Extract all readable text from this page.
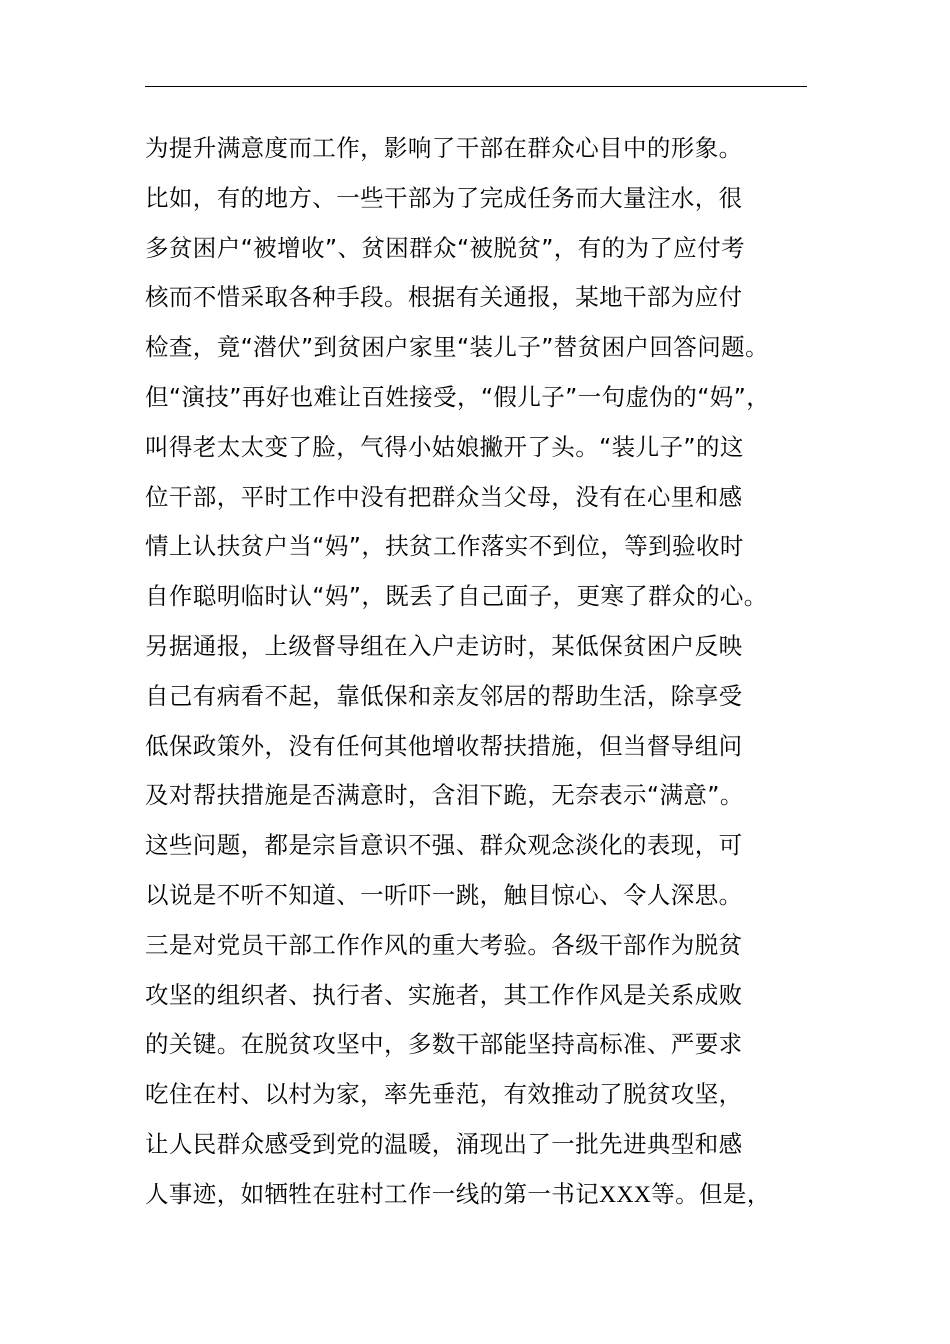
为提升满意度而工作，影响了干部在群众心目中的形象。
比如，有的地方、一些干部为了完成任务而大量注水，很
多贫困户“被增收”、贫困群众“被脱贫”，有的为了应付考
核而不惜采取各种手段。根据有关通报，某地干部为应付
检查，竟“潜伏”到贫困户家里“装儿子”替贫困户回答问题。
但“演技”再好也难让百姓接受，“假儿子”一句虚伪的“妈”，
叫得老太太变了脸，气得小姑娘撇开了头。“装儿子”的这
位干部，平时工作中没有把群众当父母，没有在心里和感
情上认扶贫户当“妈”，扶贫工作落实不到位，等到验收时
自作聪明临时认“妈”，既丢了自己面子，更寒了群众的心。
另据通报，上级督导组在入户走访时，某低保贫困户反映
自己有病看不起，靠低保和亲友邻居的帮助生活，除享受
低保政策外，没有任何其他增收帮扶措施，但当督导组问
及对帮扶措施是否满意时，含泪下跪，无奈表示“满意”。
这些问题，都是宗旨意识不强、群众观念淡化的表现，可
以说是不听不知道、一听吓一跳，触目惊心、令人深思。
三是对党员干部工作作风的重大考验。各级干部作为脱贫
攻坚的组织者、执行者、实施者，其工作作风是关系成败
的关键。在脱贫攻坚中，多数干部能坚持高标准、严要求
吃住在村、以村为家，率先垂范，有效推动了脱贫攻坚，
让人民群众感受到党的温暖，涌现出了一批先进典型和感
人事迹，如牺牲在驻村工作一线的第一书记XXX等。但是，
